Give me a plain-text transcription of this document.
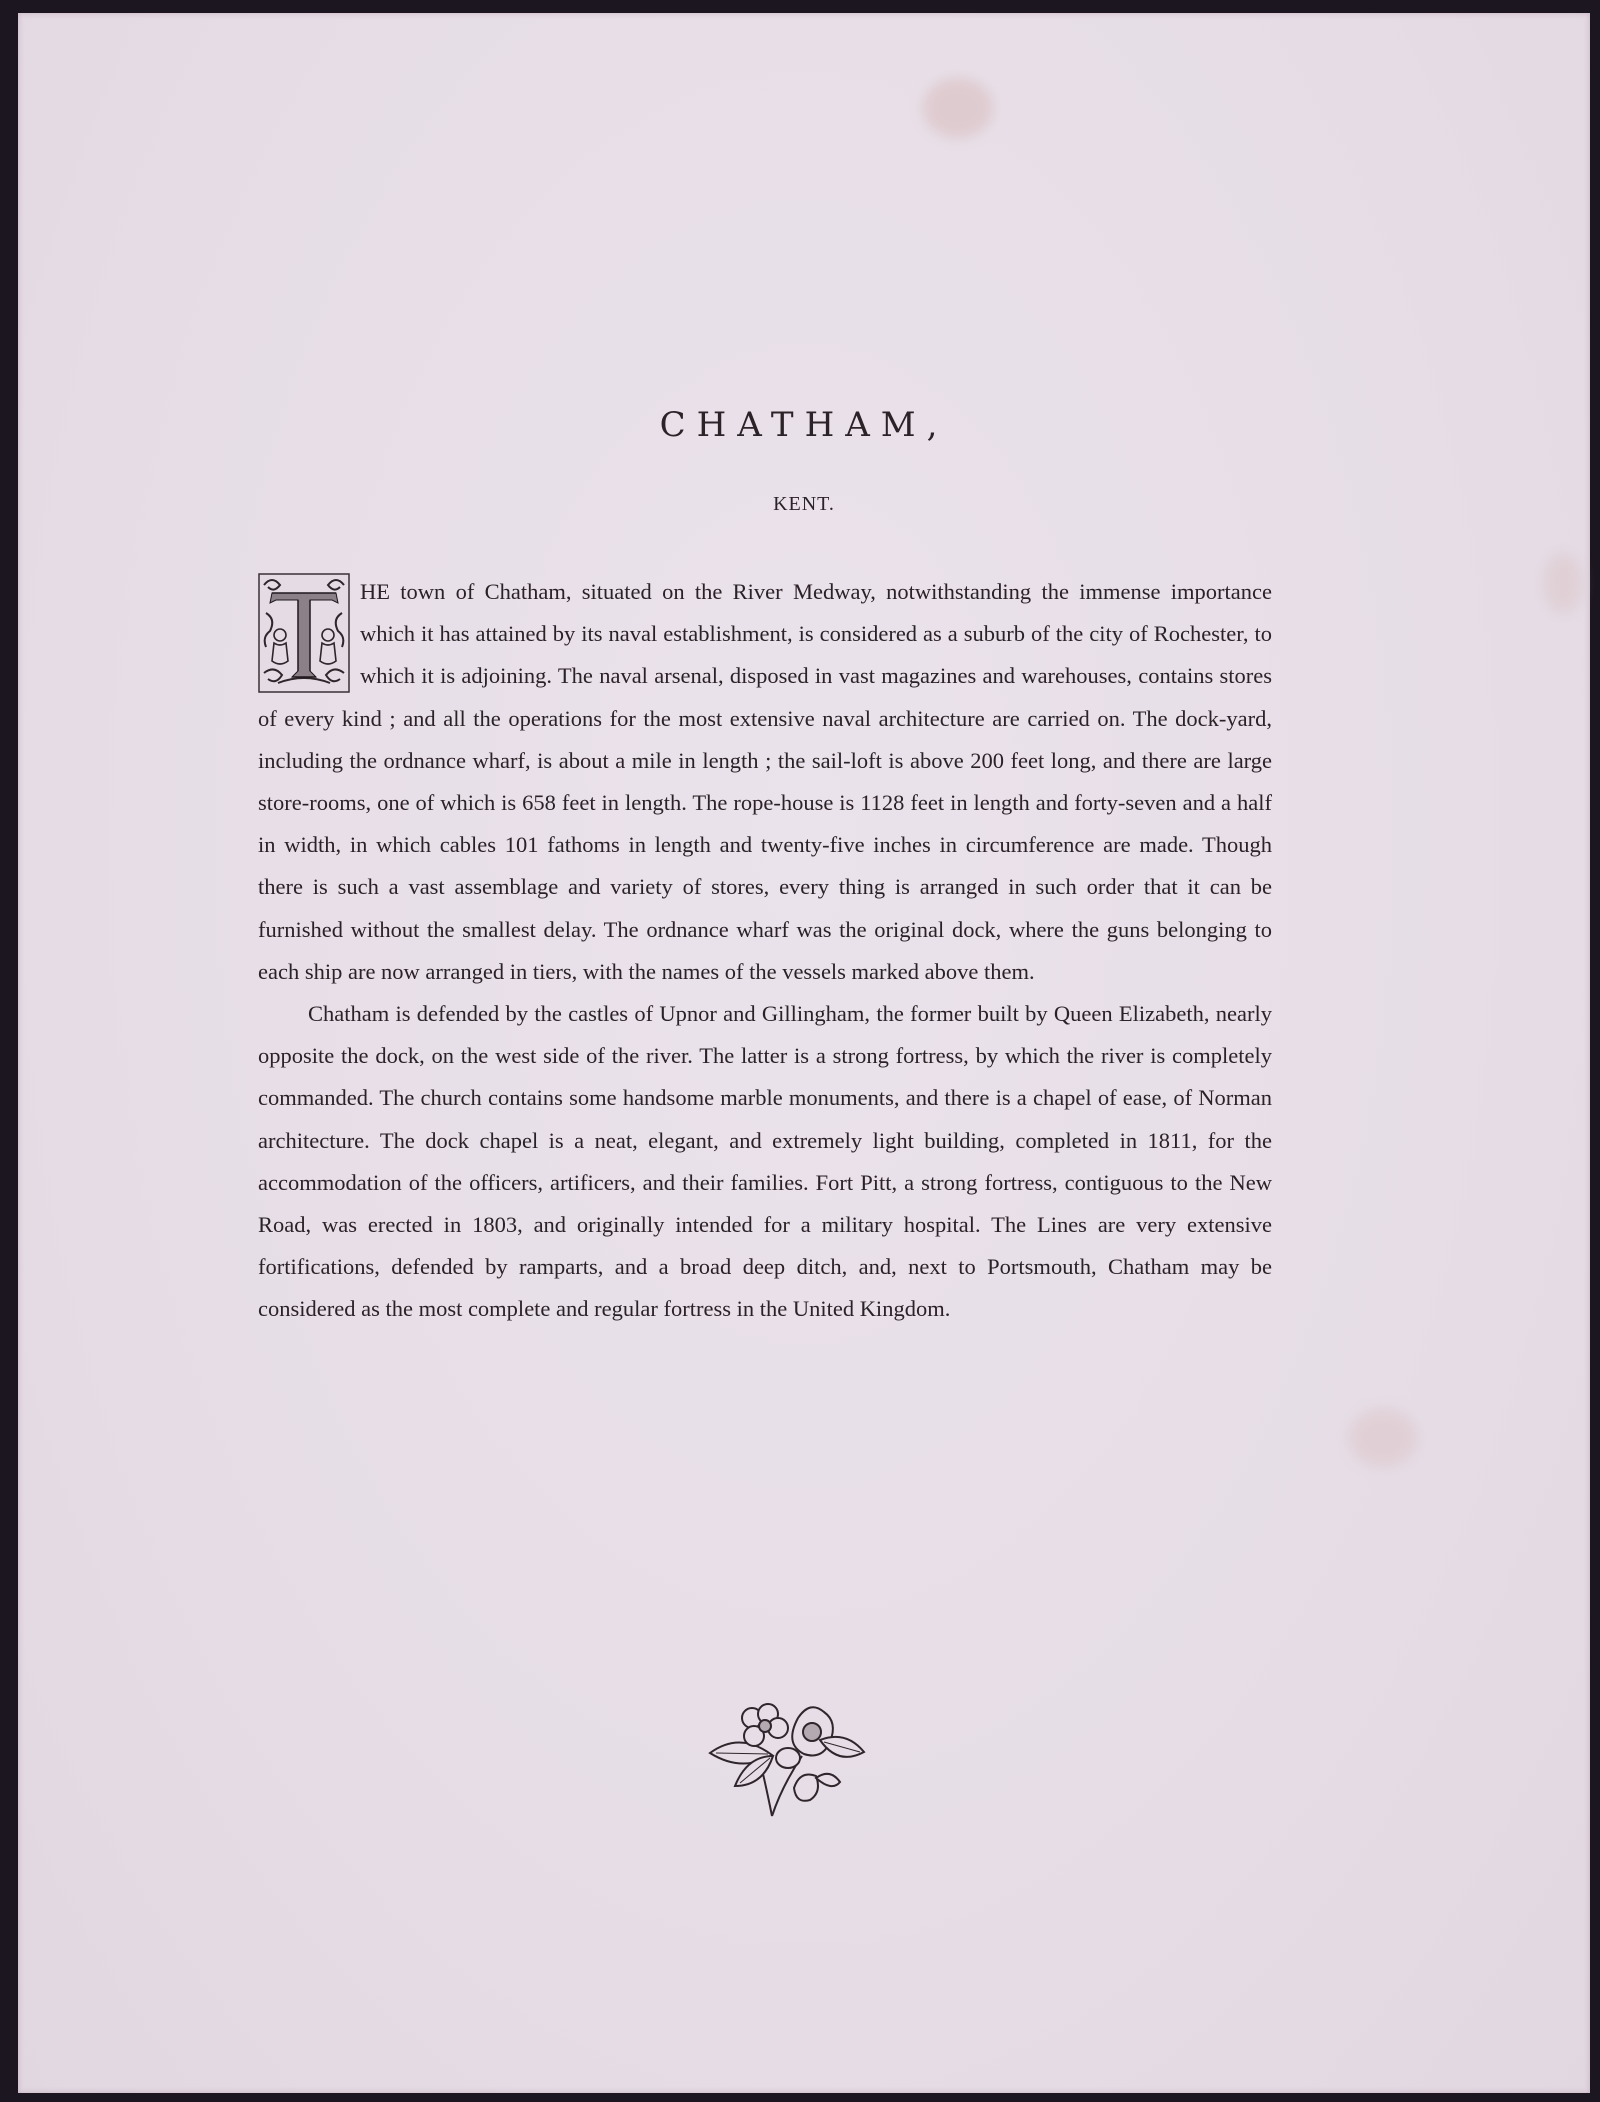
CHATHAM,
KENT.

HE town of Chatham, situated on the River Medway, notwithstanding the immense importance which it has attained by its naval establishment, is considered as a suburb of the city of Rochester, to which it is adjoining. The naval arsenal, disposed in vast magazines and warehouses, contains stores of every kind ; and all the operations for the most extensive naval architecture are carried on. The dock-yard, including the ordnance wharf, is about a mile in length ; the sail-loft is above 200 feet long, and there are large store-rooms, one of which is 658 feet in length. The rope-house is 1128 feet in length and forty-seven and a half in width, in which cables 101 fathoms in length and twenty-five inches in circumference are made. Though there is such a vast assemblage and variety of stores, every thing is arranged in such order that it can be furnished without the smallest delay. The ordnance wharf was the original dock, where the guns belonging to each ship are now arranged in tiers, with the names of the vessels marked above them.

Chatham is defended by the castles of Upnor and Gillingham, the former built by Queen Elizabeth, nearly opposite the dock, on the west side of the river. The latter is a strong fortress, by which the river is completely commanded. The church contains some handsome marble monuments, and there is a chapel of ease, of Norman architecture. The dock chapel is a neat, elegant, and extremely light building, completed in 1811, for the accommodation of the officers, artificers, and their families. Fort Pitt, a strong fortress, contiguous to the New Road, was erected in 1803, and originally intended for a military hospital. The Lines are very extensive fortifications, defended by ramparts, and a broad deep ditch, and, next to Portsmouth, Chatham may be considered as the most complete and regular fortress in the United Kingdom.
